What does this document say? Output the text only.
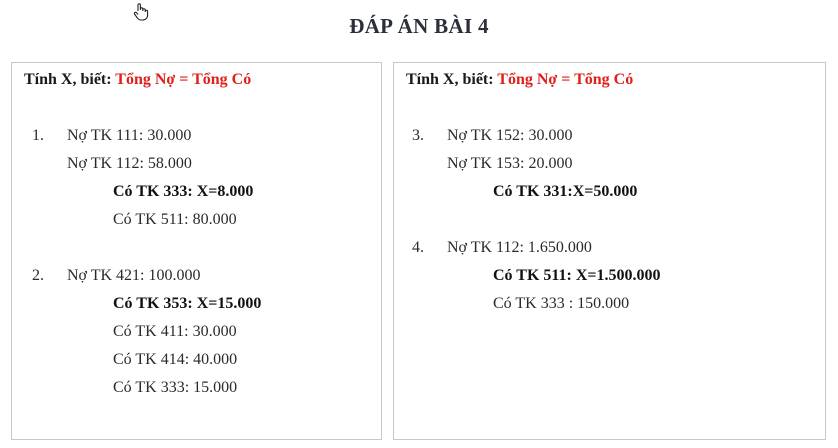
ĐÁP ÁN BÀI 4
Tính X, biết: Tổng Nợ = Tổng Có
1. Nợ TK 111: 30.000
Nợ TK 112: 58.000
Có TK 333: X=8.000
Có TK 511: 80.000
2. Nợ TK 421: 100.000
Có TK 353: X=15.000
Có TK 411: 30.000
Có TK 414: 40.000
Có TK 333: 15.000
Tính X, biết: Tổng Nợ = Tổng Có
3. Nợ TK 152: 30.000
Nợ TK 153: 20.000
Có TK 331:X=50.000
4. Nợ TK 112: 1.650.000
Có TK 511: X=1.500.000
Có TK 333 : 150.000
